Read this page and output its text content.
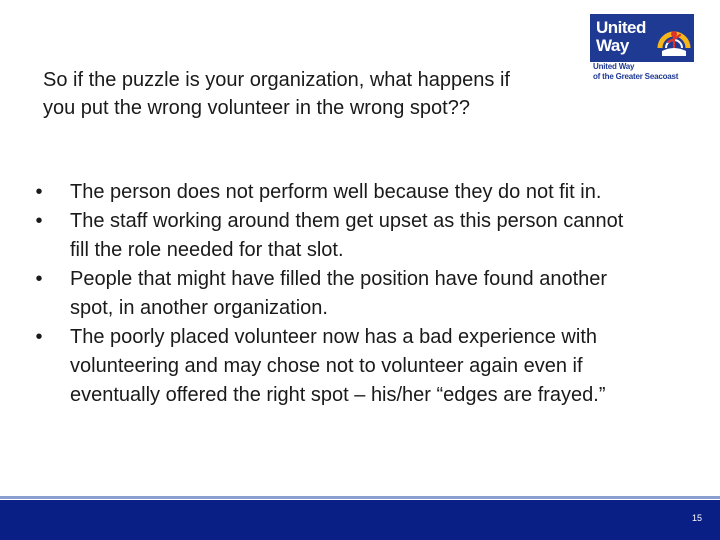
So if the puzzle is your organization, what happens if you put the wrong volunteer in the wrong spot??

United
Way
United Way
of the Greater Seacoast
•	The person does not perform well because they do not fit in.
•	The staff working around them get upset as this person cannot fill the role needed for that slot.
•	People that might have filled the position have found another spot, in another organization.
•	The poorly placed volunteer now has a bad experience with volunteering and may chose not to volunteer again even if eventually offered the right spot – his/her “edges are frayed.”
15
